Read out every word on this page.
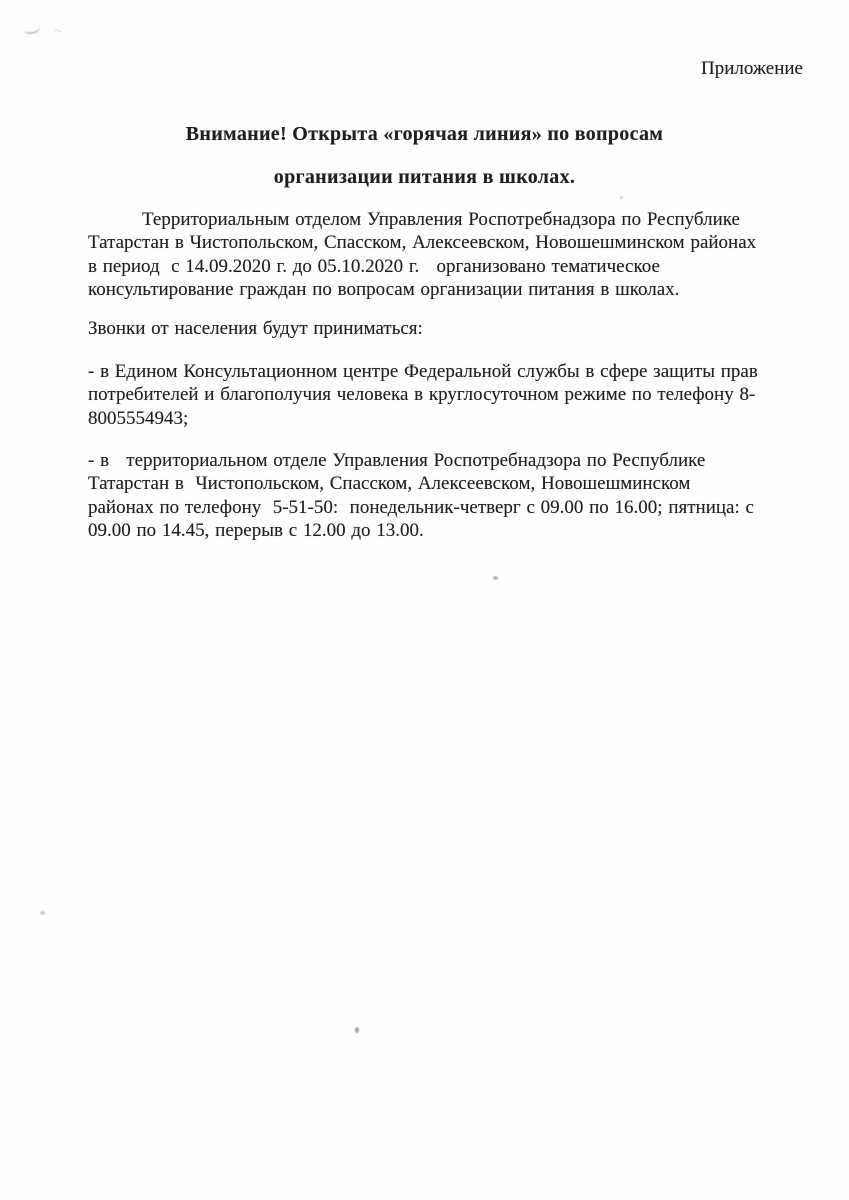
Приложение
Внимание! Открыта «горячая линия» по вопросам
организации питания в школах.
Территориальным отделом Управления Роспотребнадзора по Республике
Татарстан в Чистопольском, Спасском, Алексеевском, Новошешминском районах
в период  с 14.09.2020 г. до 05.10.2020 г.   организовано тематическое
консультирование граждан по вопросам организации питания в школах.
Звонки от населения будут приниматься:
- в Едином Консультационном центре Федеральной службы в сфере защиты прав
потребителей и благополучия человека в круглосуточном режиме по телефону 8-
8005554943;
- в   территориальном отделе Управления Роспотребнадзора по Республике
Татарстан в  Чистопольском, Спасском, Алексеевском, Новошешминском
районах по телефону  5-51-50:  понедельник-четверг с 09.00 по 16.00; пятница: с
09.00 по 14.45, перерыв с 12.00 до 13.00.
